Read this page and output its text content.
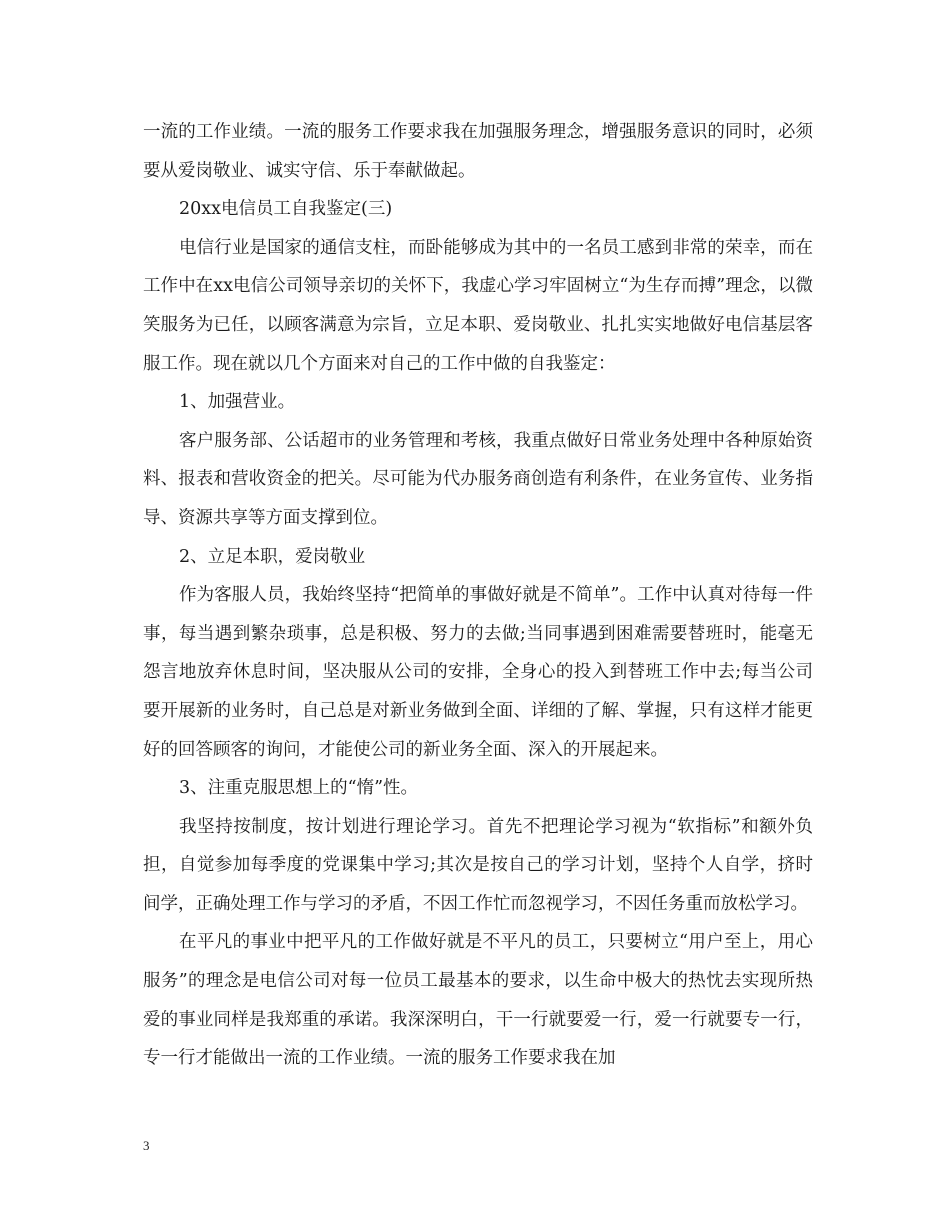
一流的工作业绩。一流的服务工作要求我在加强服务理念，增强服务意识的同时，必须要从爱岗敬业、诚实守信、乐于奉献做起。

20xx电信员工自我鉴定(三)

电信行业是国家的通信支柱，而卧能够成为其中的一名员工感到非常的荣幸，而在工作中在xx电信公司领导亲切的关怀下，我虚心学习牢固树立“为生存而搏”理念，以微笑服务为已任，以顾客满意为宗旨，立足本职、爱岗敬业、扎扎实实地做好电信基层客服工作。现在就以几个方面来对自己的工作中做的自我鉴定：

1、加强营业。

客户服务部、公话超市的业务管理和考核，我重点做好日常业务处理中各种原始资料、报表和营收资金的把关。尽可能为代办服务商创造有利条件，在业务宣传、业务指导、资源共享等方面支撑到位。

2、立足本职，爱岗敬业

作为客服人员，我始终坚持“把简单的事做好就是不简单”。工作中认真对待每一件事，每当遇到繁杂琐事，总是积极、努力的去做;当同事遇到困难需要替班时，能毫无怨言地放弃休息时间，坚决服从公司的安排，全身心的投入到替班工作中去;每当公司要开展新的业务时，自己总是对新业务做到全面、详细的了解、掌握，只有这样才能更好的回答顾客的询问，才能使公司的新业务全面、深入的开展起来。

3、注重克服思想上的“惰”性。

我坚持按制度，按计划进行理论学习。首先不把理论学习视为“软指标”和额外负担，自觉参加每季度的党课集中学习;其次是按自己的学习计划，坚持个人自学，挤时间学，正确处理工作与学习的矛盾，不因工作忙而忽视学习，不因任务重而放松学习。

在平凡的事业中把平凡的工作做好就是不平凡的员工，只要树立“用户至上，用心服务”的理念是电信公司对每一位员工最基本的要求，以生命中极大的热忱去实现所热爱的事业同样是我郑重的承诺。我深深明白，干一行就要爱一行，爱一行就要专一行，专一行才能做出一流的工作业绩。一流的服务工作要求我在加

3
